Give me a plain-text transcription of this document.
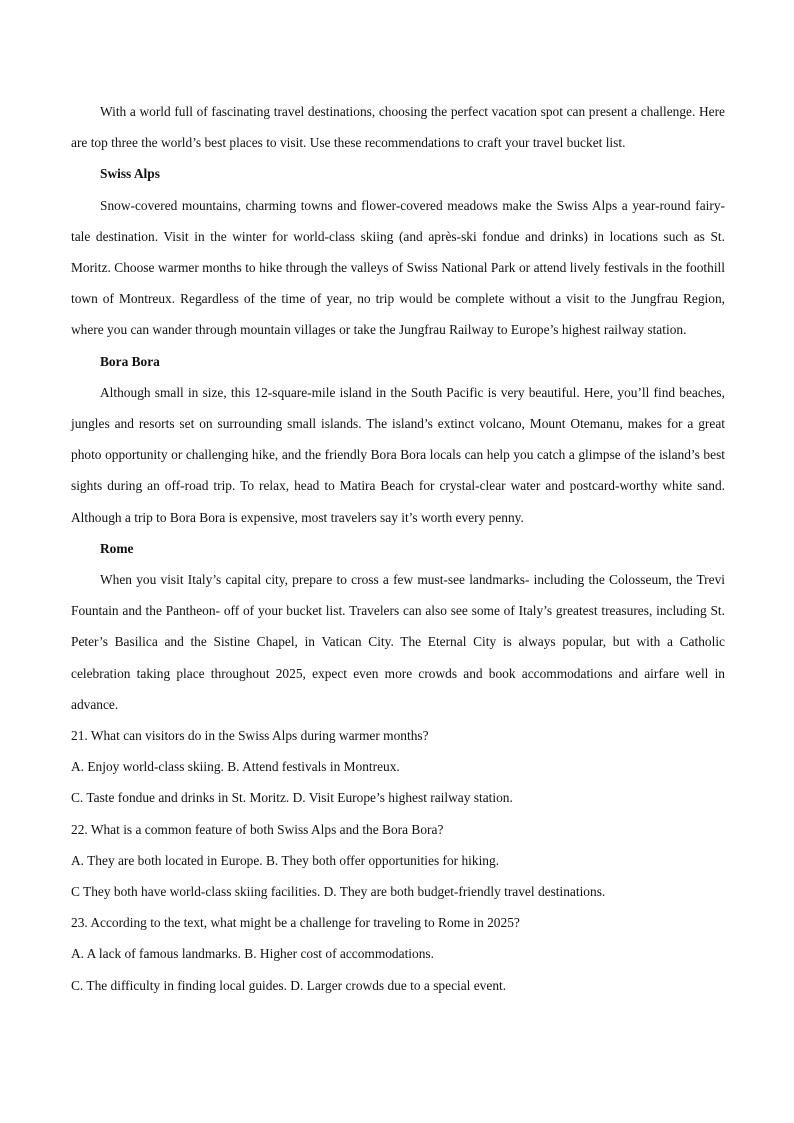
With a world full of fascinating travel destinations, choosing the perfect vacation spot can present a challenge. Here are top three the world’s best places to visit. Use these recommendations to craft your travel bucket list.

Swiss Alps

Snow-covered mountains, charming towns and flower-covered meadows make the Swiss Alps a year-round fairy-tale destination. Visit in the winter for world-class skiing (and après-ski fondue and drinks) in locations such as St. Moritz. Choose warmer months to hike through the valleys of Swiss National Park or attend lively festivals in the foothill town of Montreux. Regardless of the time of year, no trip would be complete without a visit to the Jungfrau Region, where you can wander through mountain villages or take the Jungfrau Railway to Europe’s highest railway station.

Bora Bora

Although small in size, this 12-square-mile island in the South Pacific is very beautiful. Here, you’ll find beaches, jungles and resorts set on surrounding small islands. The island’s extinct volcano, Mount Otemanu, makes for a great photo opportunity or challenging hike, and the friendly Bora Bora locals can help you catch a glimpse of the island’s best sights during an off-road trip. To relax, head to Matira Beach for crystal-clear water and postcard-worthy white sand. Although a trip to Bora Bora is expensive, most travelers say it’s worth every penny.

Rome

When you visit Italy’s capital city, prepare to cross a few must-see landmarks- including the Colosseum, the Trevi Fountain and the Pantheon- off of your bucket list. Travelers can also see some of Italy’s greatest treasures, including St. Peter’s Basilica and the Sistine Chapel, in Vatican City. The Eternal City is always popular, but with a Catholic celebration taking place throughout 2025, expect even more crowds and book accommodations and airfare well in advance.

21. What can visitors do in the Swiss Alps during warmer months?

A. Enjoy world-class skiing. B. Attend festivals in Montreux.

C. Taste fondue and drinks in St. Moritz. D. Visit Europe’s highest railway station.

22. What is a common feature of both Swiss Alps and the Bora Bora?

A. They are both located in Europe. B. They both offer opportunities for hiking.

C They both have world-class skiing facilities. D. They are both budget-friendly travel destinations.

23. According to the text, what might be a challenge for traveling to Rome in 2025?

A. A lack of famous landmarks. B. Higher cost of accommodations.

C. The difficulty in finding local guides. D. Larger crowds due to a special event.
